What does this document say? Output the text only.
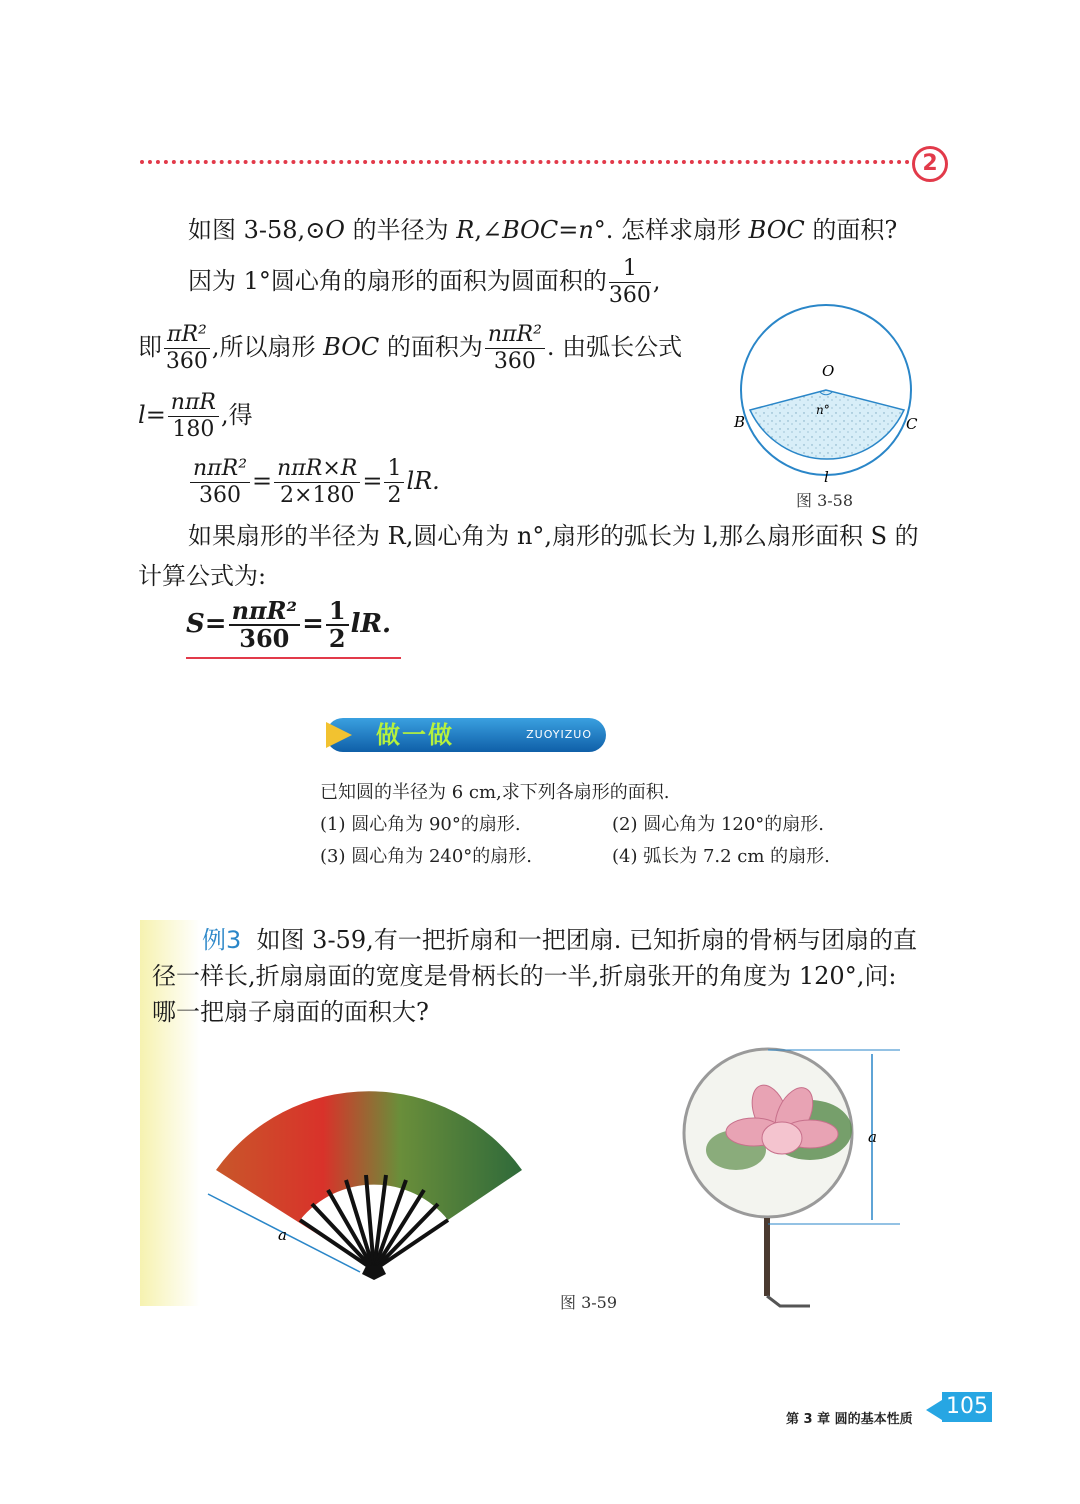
2
如图 3-58,⊙O 的半径为 R,∠BOC=n°. 怎样求扇形 BOC 的面积?
因为 1°圆心角的扇形的面积为圆面积的 $\frac{1}{360}$ ,
即 $\frac{\text{πR²}}{360}$ ,所以扇形 BOC 的面积为 $\frac{\text{nπR²}}{360}$ . 由弧长公式
$l= \frac{\text{nπR}}{180}$ ,得
$\frac{\text{nπR²}}{360} = \frac{\text{nπR×R}}{2\times 180} = \frac{1}{2}$ lR.
如果扇形的半径为 R,圆心角为 n°,扇形的弧长为 l,那么扇形面积 S 的
计算公式为:
$S= \frac{\text{nπR²}}{360} = \frac{1}{2}$ lR.
O
n°
B	C
l
图 3-58
做一做	ZUOYIZUO
已知圆的半径为 6 cm,求下列各扇形的面积.
(1) 圆心角为 90°的扇形.	(2) 圆心角为 120°的扇形.
(3) 圆心角为 240°的扇形.	(4) 弧长为 7.2 cm 的扇形.
例3 如图 3-59,有一把折扇和一把团扇. 已知折扇的骨柄与团扇的直
径一样长,折扇扇面的宽度是骨柄长的一半,折扇张开的角度为 120°,问:
哪一把扇子扇面的面积大?
a
a
图 3-59
第 3 章 圆的基本性质
105
